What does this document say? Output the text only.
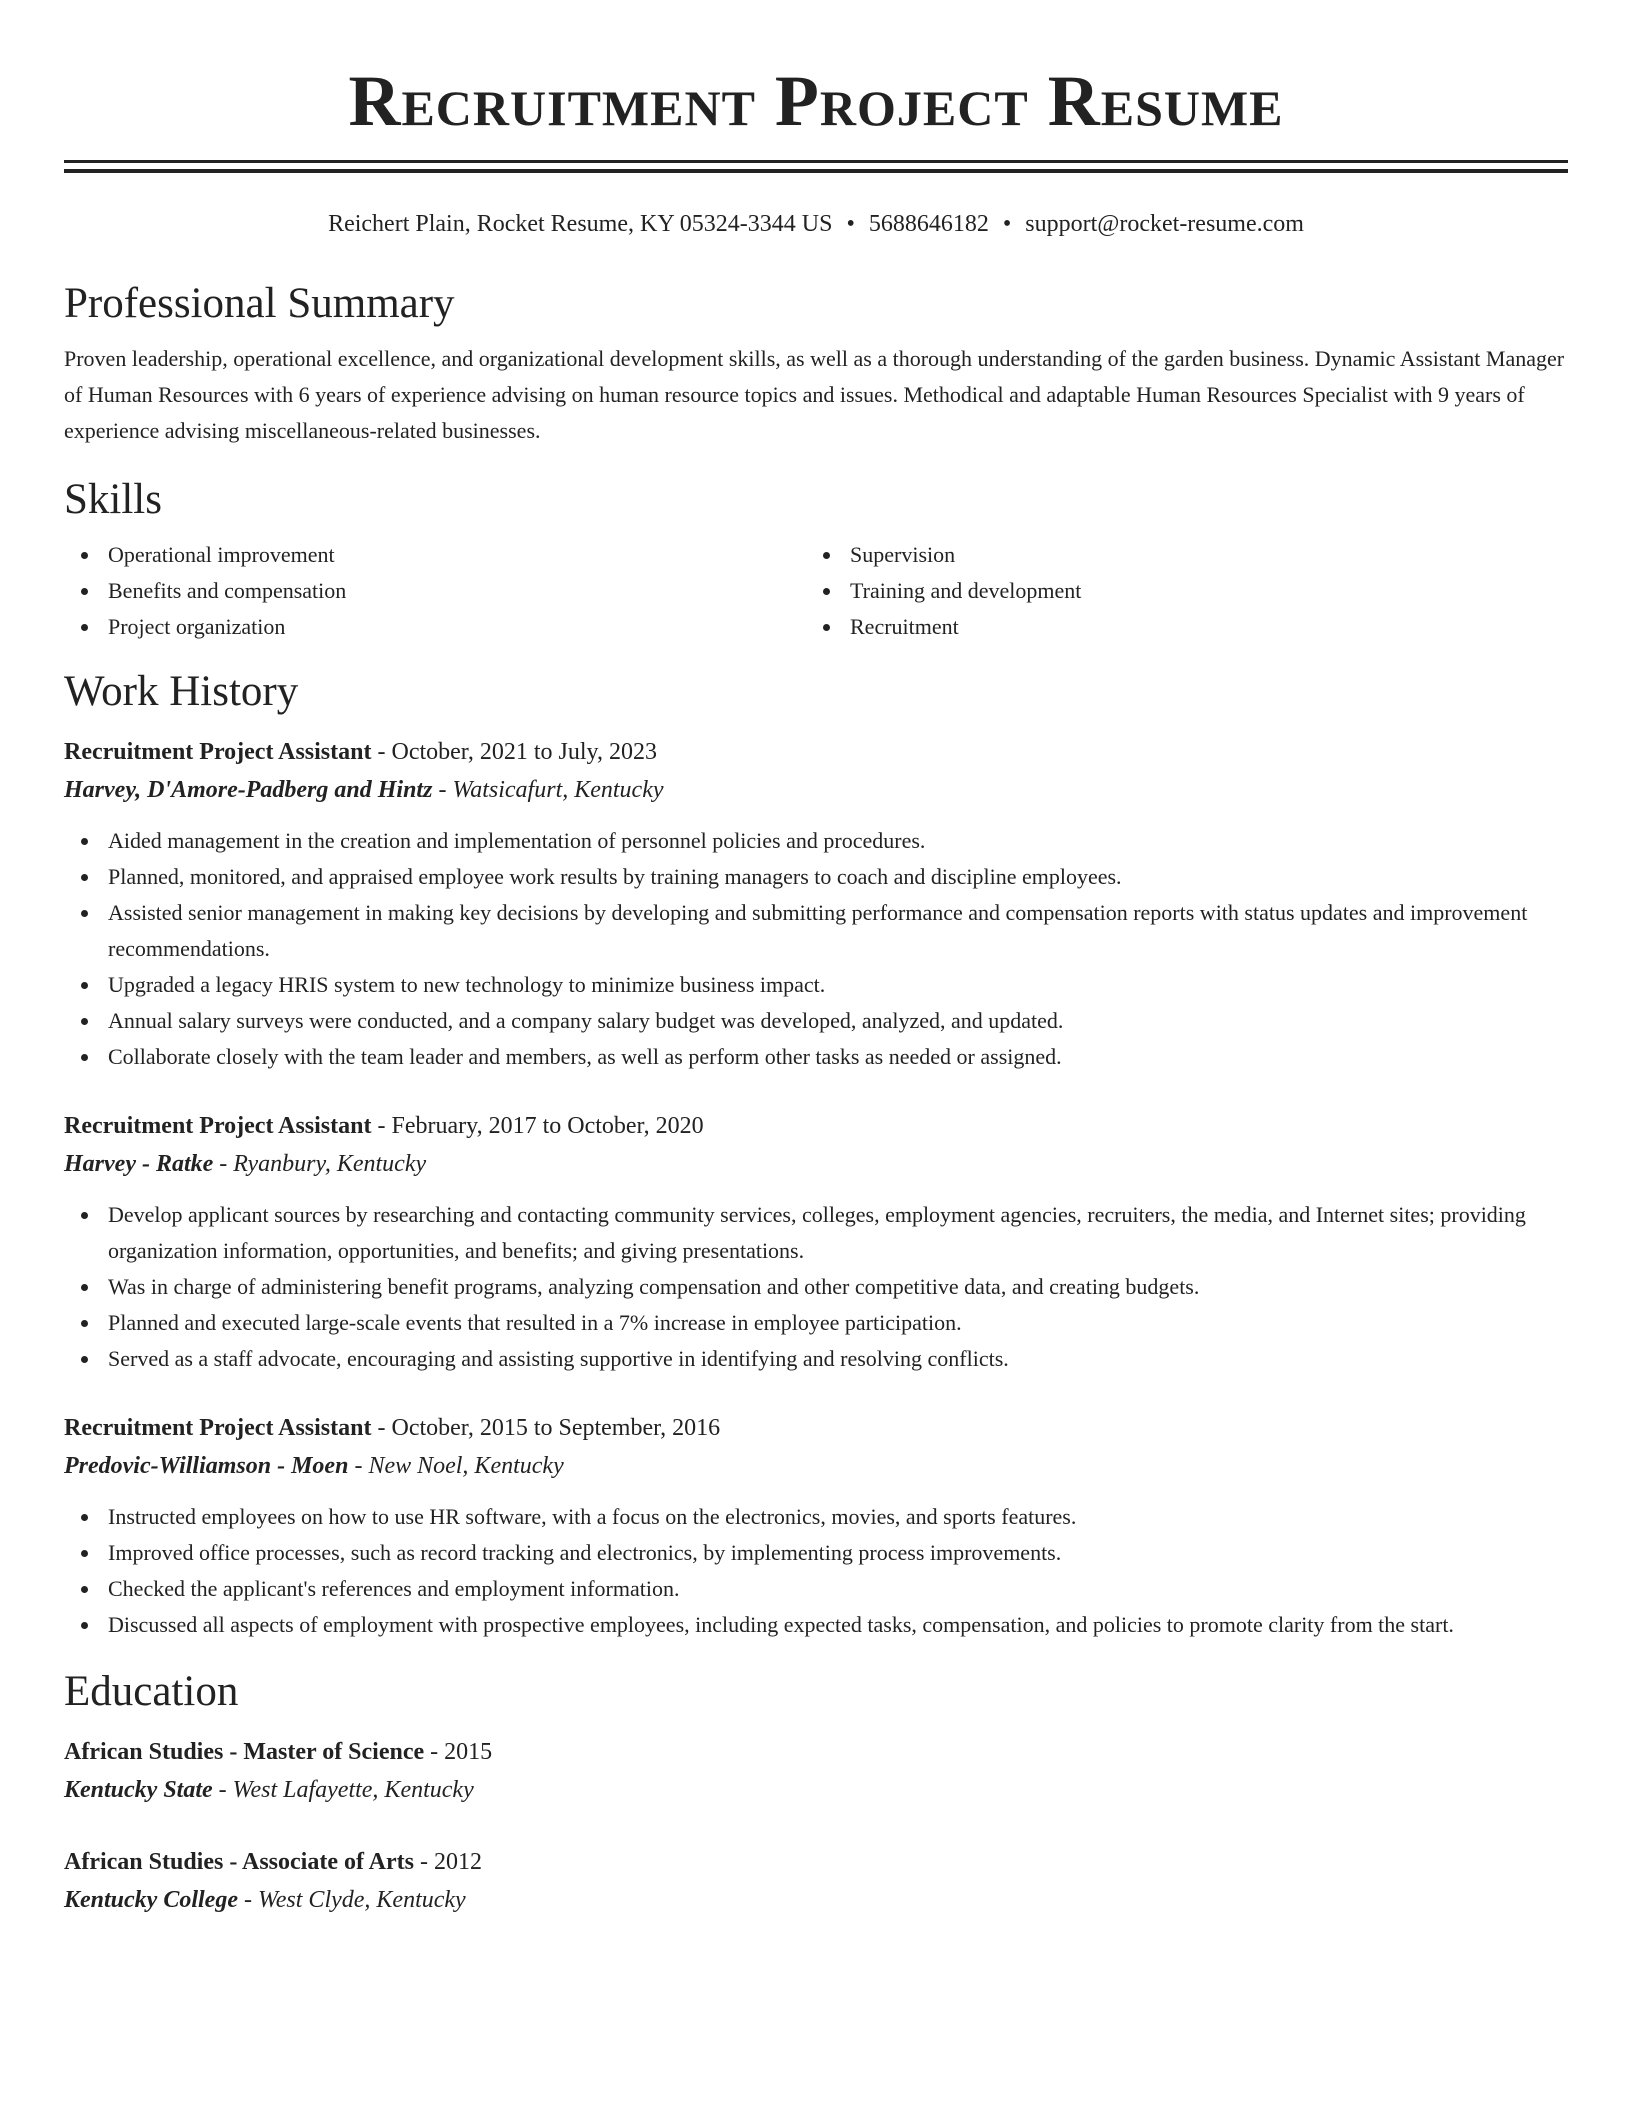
Recruitment Project Resume
Reichert Plain, Rocket Resume, KY 05324-3344 US • 5688646182 • support@rocket-resume.com
Professional Summary

Proven leadership, operational excellence, and organizational development skills, as well as a thorough understanding of the garden business. Dynamic Assistant Manager of Human Resources with 6 years of experience advising on human resource topics and issues. Methodical and adaptable Human Resources Specialist with 9 years of experience advising miscellaneous-related businesses.

Skills
Operational improvement
Benefits and compensation
Project organization
Supervision
Training and development
Recruitment
Work History
Recruitment Project Assistant - October, 2021 to July, 2023
Harvey, D'Amore-Padberg and Hintz - Watsicafurt, Kentucky
Aided management in the creation and implementation of personnel policies and procedures.
Planned, monitored, and appraised employee work results by training managers to coach and discipline employees.
Assisted senior management in making key decisions by developing and submitting performance and compensation reports with status updates and improvement recommendations.
Upgraded a legacy HRIS system to new technology to minimize business impact.
Annual salary surveys were conducted, and a company salary budget was developed, analyzed, and updated.
Collaborate closely with the team leader and members, as well as perform other tasks as needed or assigned.
Recruitment Project Assistant - February, 2017 to October, 2020
Harvey - Ratke - Ryanbury, Kentucky
Develop applicant sources by researching and contacting community services, colleges, employment agencies, recruiters, the media, and Internet sites; providing organization information, opportunities, and benefits; and giving presentations.
Was in charge of administering benefit programs, analyzing compensation and other competitive data, and creating budgets.
Planned and executed large-scale events that resulted in a 7% increase in employee participation.
Served as a staff advocate, encouraging and assisting supportive in identifying and resolving conflicts.
Recruitment Project Assistant - October, 2015 to September, 2016
Predovic-Williamson - Moen - New Noel, Kentucky
Instructed employees on how to use HR software, with a focus on the electronics, movies, and sports features.
Improved office processes, such as record tracking and electronics, by implementing process improvements.
Checked the applicant's references and employment information.
Discussed all aspects of employment with prospective employees, including expected tasks, compensation, and policies to promote clarity from the start.
Education
African Studies - Master of Science - 2015
Kentucky State - West Lafayette, Kentucky
African Studies - Associate of Arts - 2012
Kentucky College - West Clyde, Kentucky
